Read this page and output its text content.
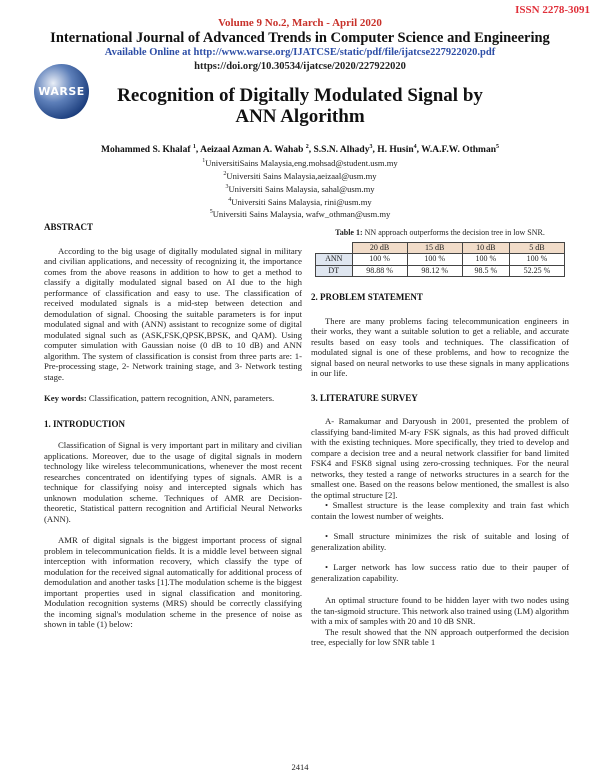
ISSN 2278-3091
Volume 9 No.2, March - April 2020
International Journal of Advanced Trends in Computer Science and Engineering
Available Online at http://www.warse.org/IJATCSE/static/pdf/file/ijatcse227922020.pdf
https://doi.org/10.30534/ijatcse/2020/227922020
WARSE	Recognition of Digitally Modulated Signal by
ANN Algorithm
Mohammed S. Khalaf $^1$, Aeizaal Azman A. Wahab $^2$, S.S.N. Alhady$^3$, H. Husin$^4$, W.A.F.W. Othman$^5$
$^1$UniversitiSains Malaysia,eng.mohsad@student.usm.my
$^2$Universiti Sains Malaysia,aeizaal@usm.my
$^3$Universiti Sains Malaysia, sahal@usm.my
$^4$Universiti Sains Malaysia, rini@usm.my
$^5$Universiti Sains Malaysia, wafw_othman@usm.my

ABSTRACT

According to the big usage of digitally modulated signal in military and civilian applications, and necessity of recognizing it, the importance comes from the above reasons in addition to how to get a method to classify a digitally modulated signal based on AI due to the high performance of classification and easy to use. The classification of received modulated signals is a mid-step between detection and demodulation of signal. Choosing the suitable parameters is for input modulated signal and with (ANN) assistant to recognize some of digital modulated signal such as (ASK,FSK,QPSK,BPSK, and QAM). Using computer simulation with Gaussian noise (0 dB to 10 dB) and ANN algorithm. The system of classification is consist from three parts are: 1- Pre-processing stage, 2- Network training stage, and 3- Network testing stage.

Key words: Classification, pattern recognition, ANN, parameters.

1. INTRODUCTION

Classification of Signal is very important part in military and civilian applications. Moreover, due to the usage of digital signals in modern technology like wireless telecommunications, whenever the most recent researches concentrated on identifying types of signals. AMR is a technique for classifying noisy and intercepted signals which has unknown modulation scheme. Techniques of AMR are Decision-theoretic, Statistical pattern recognition and Artificial Neural Networks (ANN).

AMR of digital signals is the biggest important process of signal problem in telecommunication fields. It is a middle level between signal interception with information recovery, which classify the type of modulation for the received signal automatically for additional process of demodulation and another tasks [1].The modulation scheme is the biggest important properties used in signal classification and monitoring. Modulation recognition systems (MRS) should be correctly classifying the incoming signal's modulation scheme in the presence of noise as shown in table (1) below:

Table 1: NN approach outperforms the decision tree in low SNR.

	20 dB	15 dB	10 dB	5 dB
ANN	100 %	100 %	100 %	100 %
DT	98.88 %	98.12 %	98.5 %	52.25 %

2. PROBLEM STATEMENT

There are many problems facing telecommunication engineers in their works, they want a suitable solution to get a reliable, and accurate results based on easy tools and techniques. The classification of modulated signal is one of these problems, and how to recognize the signal based on neural networks to use these signals in many applications in our life.

3. LITERATURE SURVEY

A- Ramakumar and Daryoush in 2001, presented the problem of classifying band-limited M-ary FSK signals, as this had proved difficult with the existing techniques. More specifically, they tried to develop and compare a decision tree and a neural network classifier for band limited FSK4 and FSK8 signal using zero-crossing techniques. For the neural networks, they tested a range of networks structures in a search for the smallest one. Based on the reasons below mentioned, the smallest is also the optimal structure [2].

• Smallest structure is the lease complexity and train fast which contain the lowest number of weights.

• Small structure minimizes the risk of suitable and losing of generalization ability.

• Larger network has low success ratio due to their pauper of generalization capability.

An optimal structure found to be hidden layer with two nodes using the tan-sigmoid structure. This network also trained using (LM) algorithm with a mix of samples with 20 and 10 dB SNR.

The result showed that the NN approach outperformed the decision tree, especially for low SNR table 1

2414
